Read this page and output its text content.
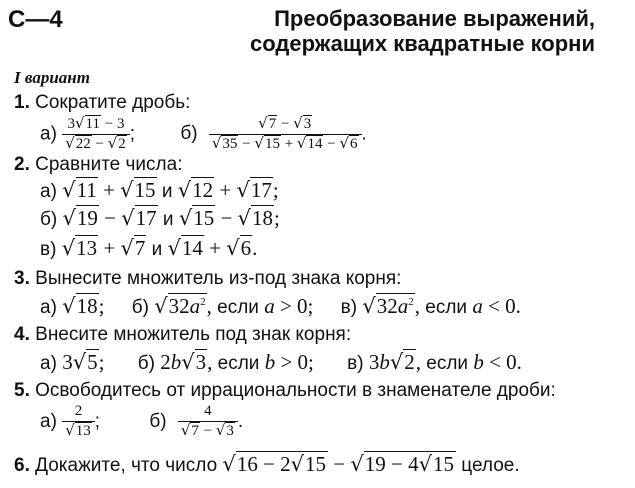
С—4	Преобразование выражений,
содержащих квадратные корни
I вариант
1. Сократите дробь:
$а) \frac{3√11 - 3}{√22 - √2}$ ; $б) \frac{√7 - √3}{√35 - √15 + √14 - √6}$ .
2. Сравните числа:
а) √11 + √15 и √12 + √17;
б) √19 − √17 и √15 − √18;
в) √13 + √7 и √14 + √6.
3. Вынесите множитель из-под знака корня:
а) √18; б) $√32a^2$, если a > 0; в) $√32a^2$, если a < 0.
4. Внесите множитель под знак корня:
а) 3√5; б) 2b√3, если b > 0; в) 3b√2, если b < 0.
5. Освободитесь от иррациональности в знаменателе дроби:
$а) \frac{2}{√13}$ ; $б) \frac{4}{√7 - √3}$ .
6. Докажите, что число √16 − 2√15 − √19 − 4√15 целое.
